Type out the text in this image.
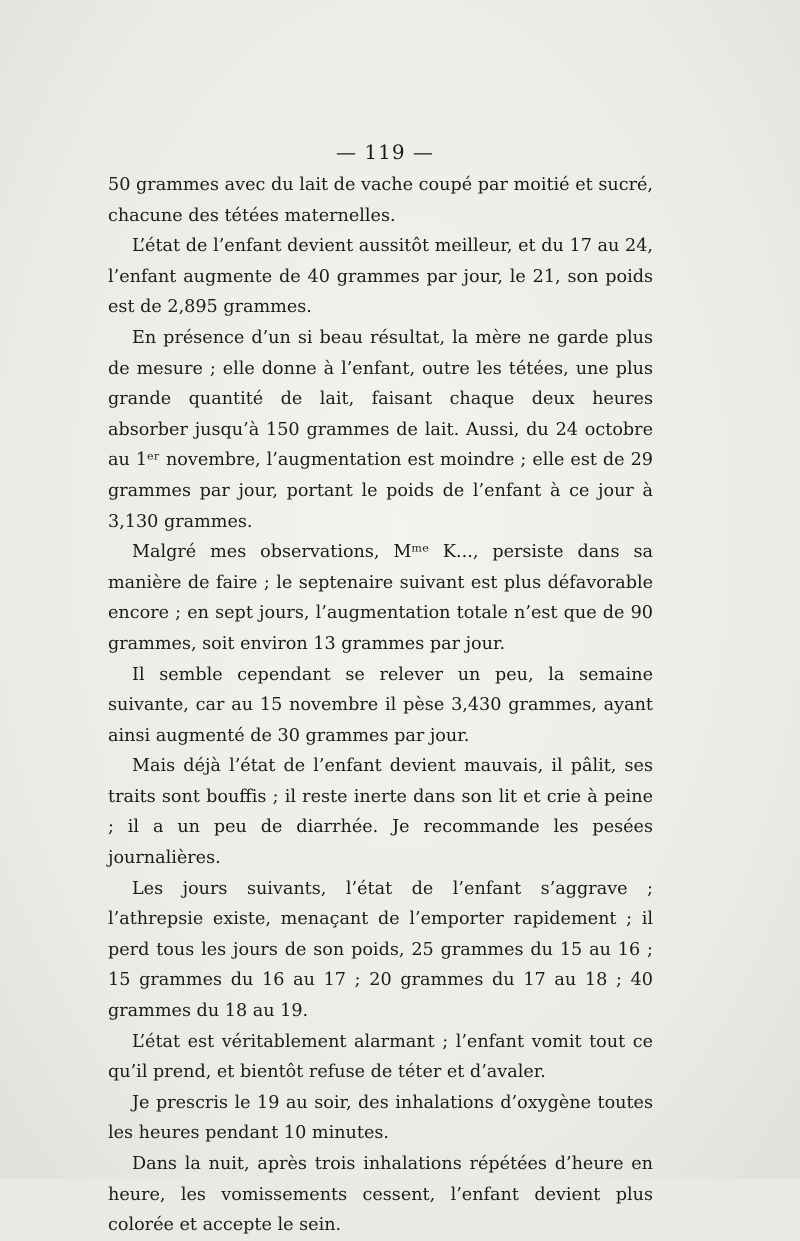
— 119 —

50 grammes avec du lait de vache coupé par moitié et sucré, chacune des tétées maternelles.

L’état de l’enfant devient aussitôt meilleur, et du 17 au 24, l’enfant augmente de 40 grammes par jour, le 21, son poids est de 2,895 grammes.

En présence d’un si beau résultat, la mère ne garde plus de mesure ; elle donne à l’enfant, outre les tétées, une plus grande quantité de lait, faisant chaque deux heures absorber jusqu’à 150 grammes de lait. Aussi, du 24 octobre au 1ᵉʳ novembre, l’augmentation est moindre ; elle est de 29 grammes par jour, portant le poids de l’enfant à ce jour à 3,130 grammes.

Malgré mes observations, Mᵐᵉ K..., persiste dans sa manière de faire ; le septenaire suivant est plus défavorable encore ; en sept jours, l’augmentation totale n’est que de 90 grammes, soit environ 13 grammes par jour.

Il semble cependant se relever un peu, la semaine suivante, car au 15 novembre il pèse 3,430 grammes, ayant ainsi augmenté de 30 grammes par jour.

Mais déjà l’état de l’enfant devient mauvais, il pâlit, ses traits sont bouffis ; il reste inerte dans son lit et crie à peine ; il a un peu de diarrhée. Je recommande les pesées journalières.

Les jours suivants, l’état de l’enfant s’aggrave ; l’athrepsie existe, menaçant de l’emporter rapidement ; il perd tous les jours de son poids, 25 grammes du 15 au 16 ; 15 grammes du 16 au 17 ; 20 grammes du 17 au 18 ; 40 grammes du 18 au 19.

L’état est véritablement alarmant ; l’enfant vomit tout ce qu’il prend, et bientôt refuse de téter et d’avaler.

Je prescris le 19 au soir, des inhalations d’oxygène toutes les heures pendant 10 minutes.

Dans la nuit, après trois inhalations répétées d’heure en heure, les vomissements cessent, l’enfant devient plus colorée et accepte le sein.
